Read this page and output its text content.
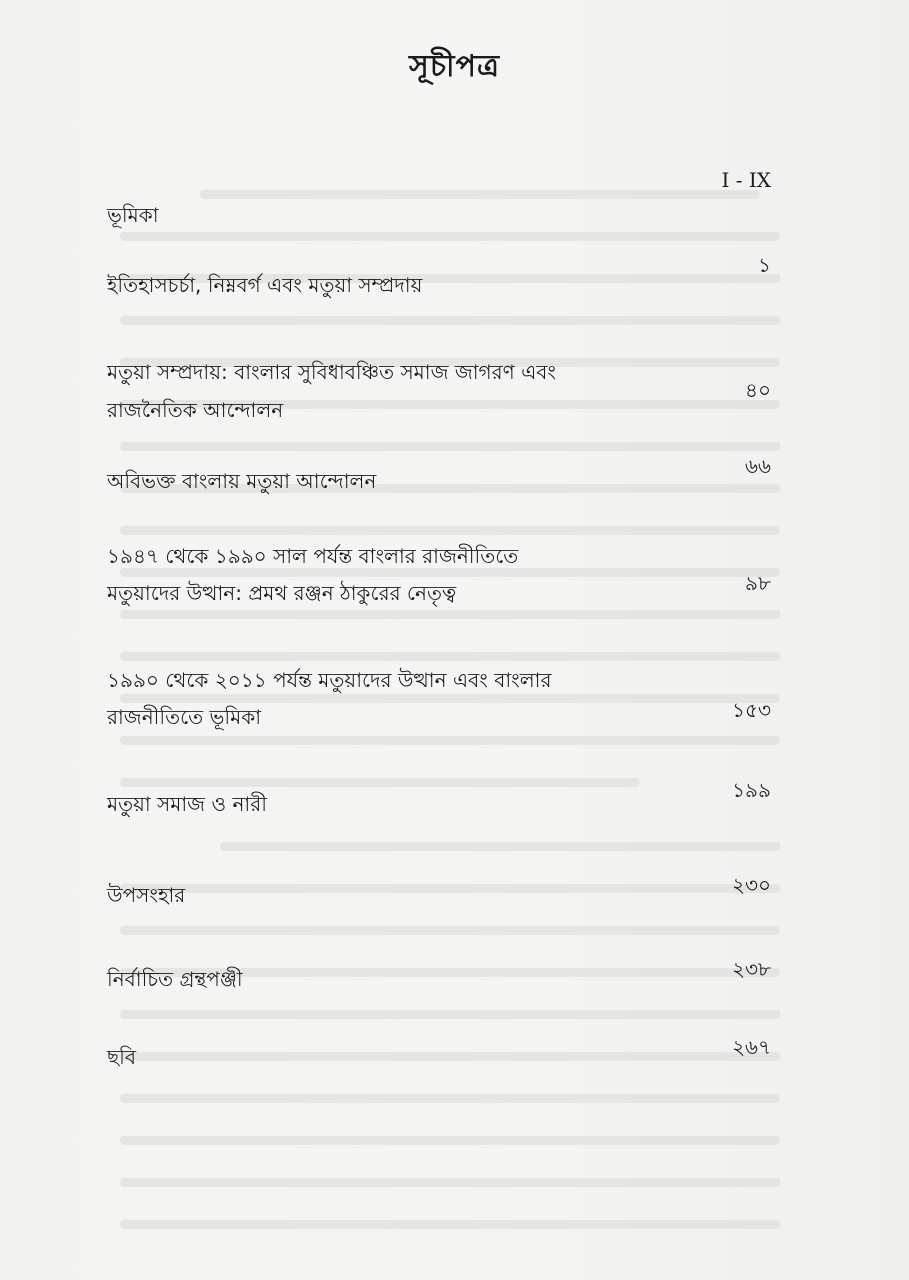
সূচীপত্র
I - IX
ভূমিকা
১
ইতিহাসচর্চা, নিম্নবর্গ এবং মতুয়া সম্প্রদায়
মতুয়া সম্প্রদায়: বাংলার সুবিধাবঞ্চিত সমাজ জাগরণ এবং
৪০
রাজনৈতিক আন্দোলন
৬৬
অবিভক্ত বাংলায় মতুয়া আন্দোলন
১৯৪৭ থেকে ১৯৯০ সাল পর্যন্ত বাংলার রাজনীতিতে
৯৮
মতুয়াদের উত্থান: প্রমথ রঞ্জন ঠাকুরের নেতৃত্ব
১৯৯০ থেকে ২০১১ পর্যন্ত মতুয়াদের উত্থান এবং বাংলার
১৫৩
রাজনীতিতে ভূমিকা
১৯৯
মতুয়া সমাজ ও নারী
২৩০
উপসংহার
২৩৮
নির্বাচিত গ্রন্থপঞ্জী
২৬৭
ছবি
